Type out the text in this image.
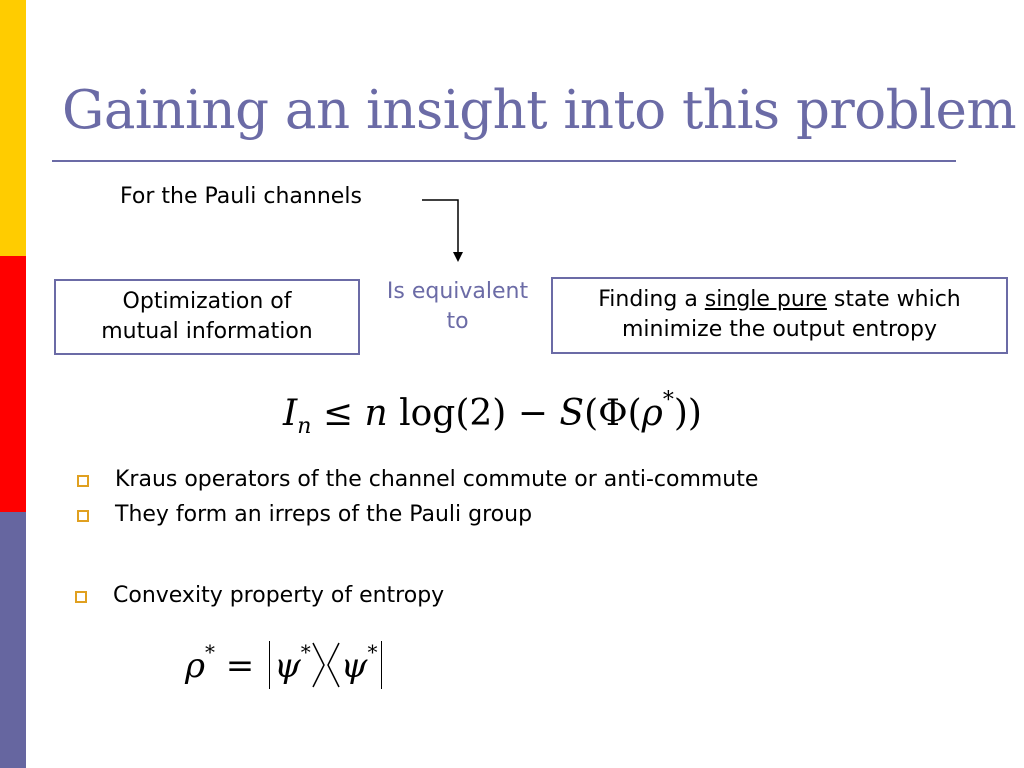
Gaining an insight into this problem
For the Pauli channels
Optimization of
mutual information
Is equivalent
to
Finding a single pure state which
minimize the output entropy
$I_n \le n$ log(2) − S(Φ(ρ*))
Kraus operators of the channel commute or anti-commute
They form an irreps of the Pauli group
Convexity property of entropy
ρ* = ψ* ψ*
